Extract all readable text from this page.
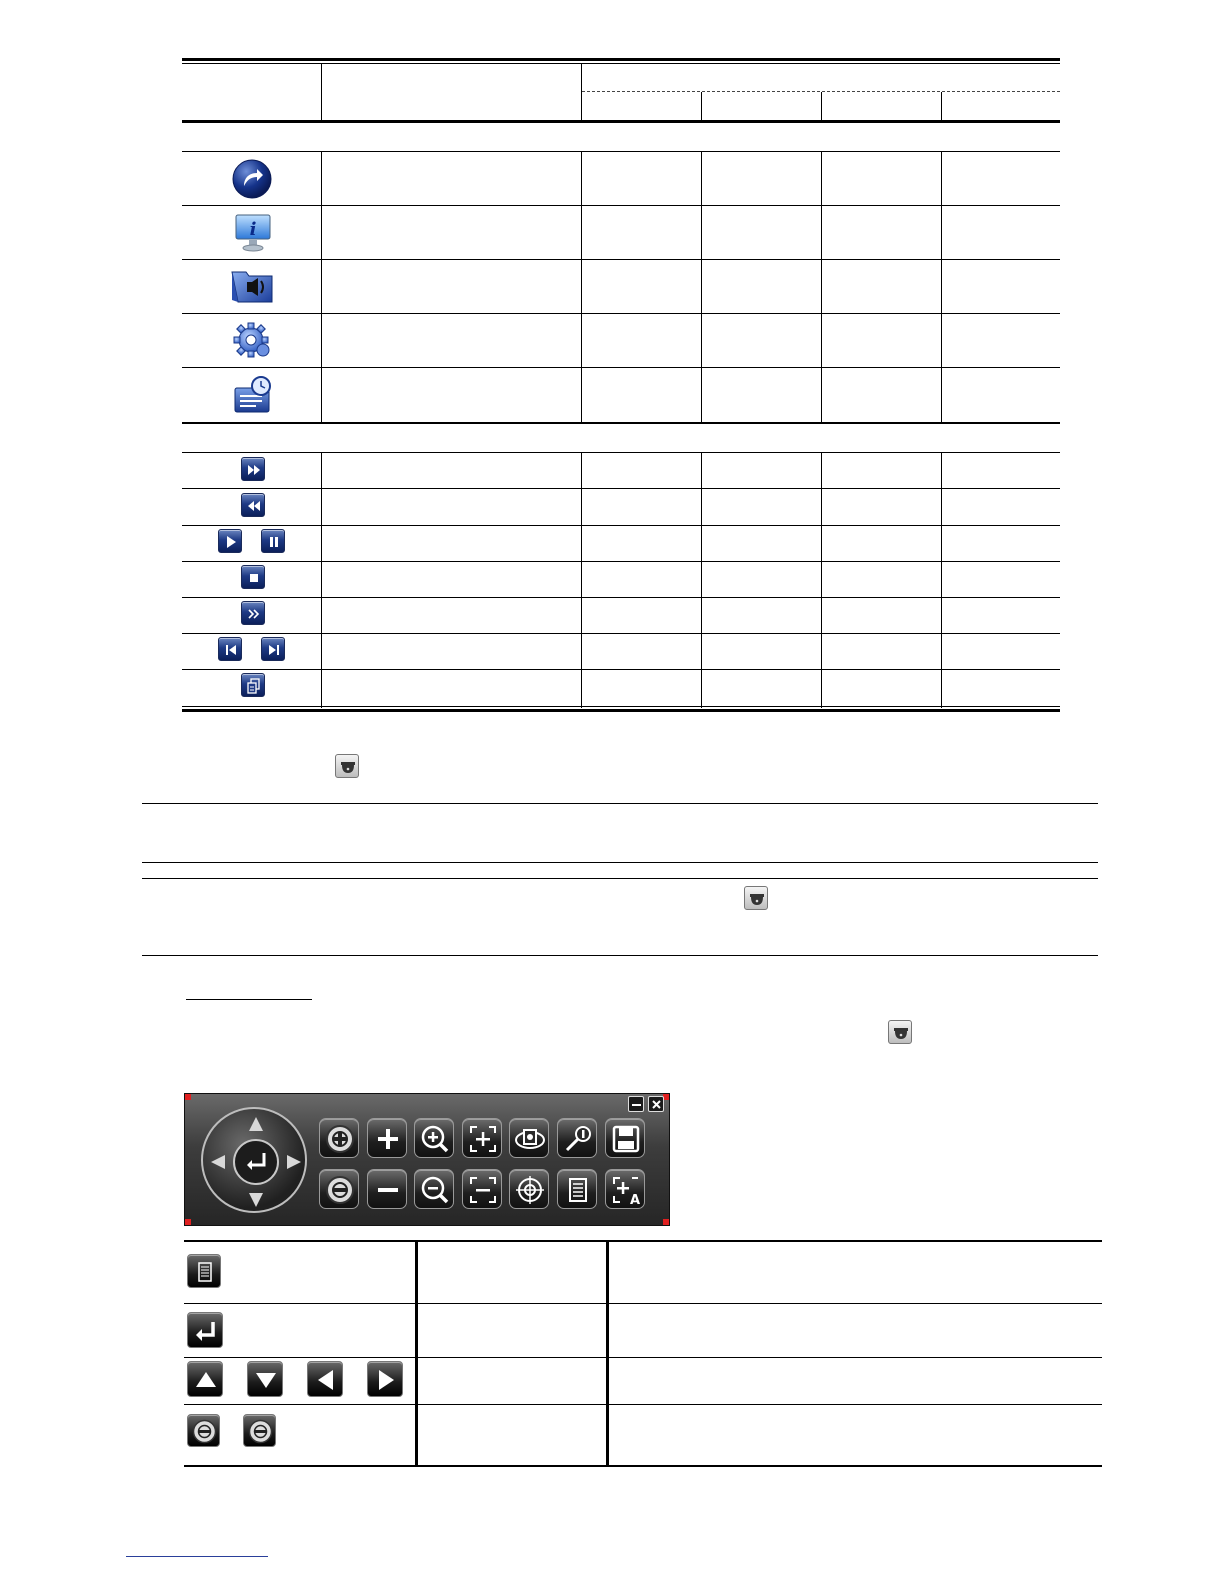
i
A
